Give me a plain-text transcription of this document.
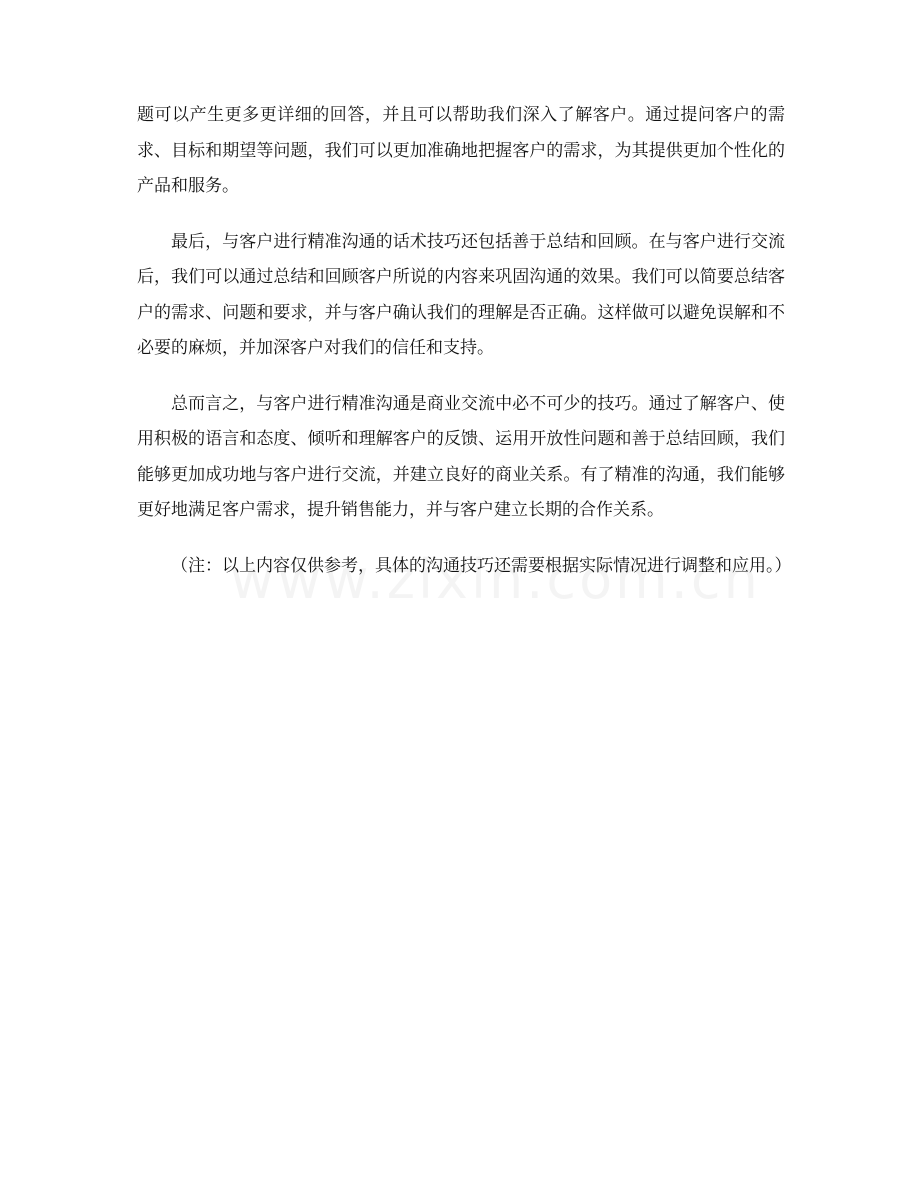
题可以产生更多更详细的回答，并且可以帮助我们深入了解客户。通过提问客户的需求、目标和期望等问题，我们可以更加准确地把握客户的需求，为其提供更加个性化的产品和服务。

最后，与客户进行精准沟通的话术技巧还包括善于总结和回顾。在与客户进行交流后，我们可以通过总结和回顾客户所说的内容来巩固沟通的效果。我们可以简要总结客户的需求、问题和要求，并与客户确认我们的理解是否正确。这样做可以避免误解和不必要的麻烦，并加深客户对我们的信任和支持。

总而言之，与客户进行精准沟通是商业交流中必不可少的技巧。通过了解客户、使用积极的语言和态度、倾听和理解客户的反馈、运用开放性问题和善于总结回顾，我们能够更加成功地与客户进行交流，并建立良好的商业关系。有了精准的沟通，我们能够更好地满足客户需求，提升销售能力，并与客户建立长期的合作关系。

（注：以上内容仅供参考，具体的沟通技巧还需要根据实际情况进行调整和应用。）
